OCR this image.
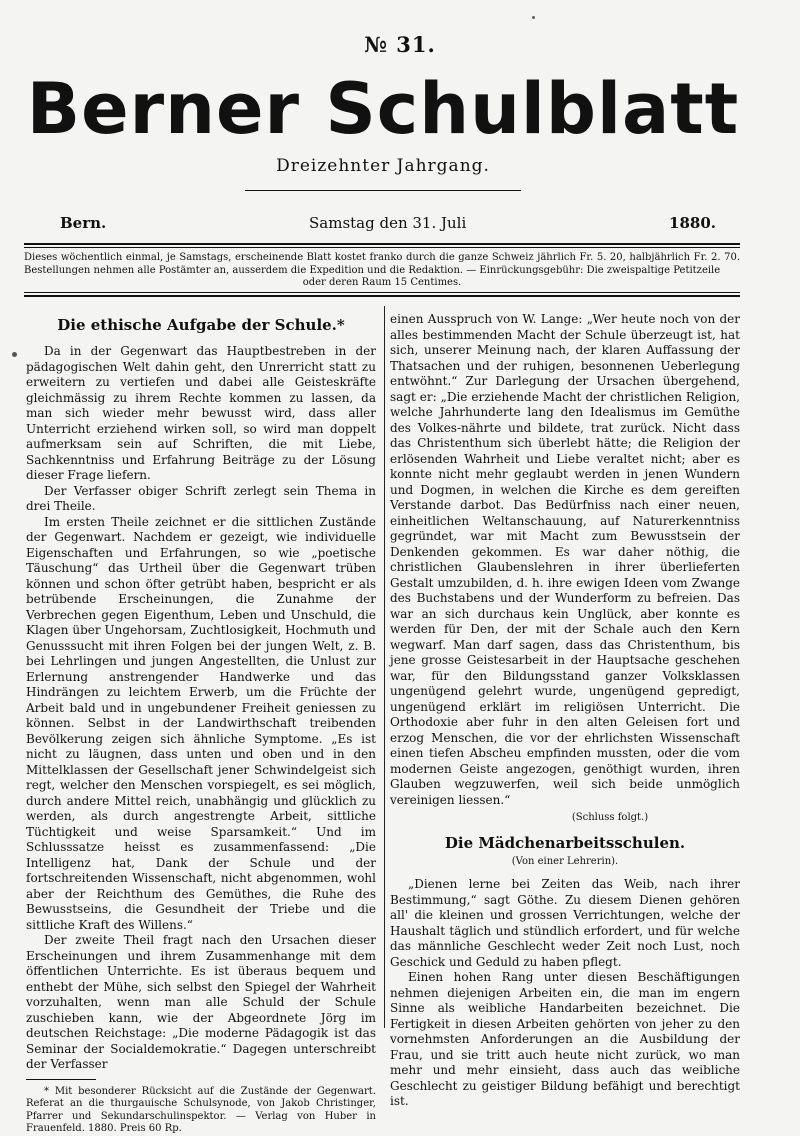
№ 31.
Berner Schulblatt
Dreizehnter Jahrgang.
Bern.	Samstag den 31. Juli	1880.
Dieses wöchentlich einmal, je Samstags, erscheinende Blatt kostet franko durch die ganze Schweiz jährlich Fr. 5. 20, halbjährlich Fr. 2. 70. Bestellungen nehmen alle Postämter an, ausserdem die Expedition und die Redaktion. — Einrückungsgebühr: Die zweispaltige Petitzeile
oder deren Raum 15 Centimes.
Die ethische Aufgabe der Schule.*

Da in der Gegenwart das Hauptbestreben in der pädagogischen Welt dahin geht, den Unrerricht statt zu erweitern zu vertiefen und dabei alle Geisteskräfte gleichmässig zu ihrem Rechte kommen zu lassen, da man sich wieder mehr bewusst wird, dass aller Unterricht erziehend wirken soll, so wird man doppelt aufmerksam sein auf Schriften, die mit Liebe, Sachkenntniss und Erfahrung Beiträge zu der Lösung dieser Frage liefern.

Der Verfasser obiger Schrift zerlegt sein Thema in drei Theile.

Im ersten Theile zeichnet er die sittlichen Zustände der Gegenwart. Nachdem er gezeigt, wie individuelle Eigenschaften und Erfahrungen, so wie „poetische Täuschung“ das Urtheil über die Gegenwart trüben können und schon öfter getrübt haben, bespricht er als betrübende Erscheinungen, die Zunahme der Verbrechen gegen Eigenthum, Leben und Unschuld, die Klagen über Ungehorsam, Zuchtlosigkeit, Hochmuth und Genusssucht mit ihren Folgen bei der jungen Welt, z. B. bei Lehrlingen und jungen Angestellten, die Unlust zur Erlernung anstrengender Handwerke und das Hindrängen zu leichtem Erwerb, um die Früchte der Arbeit bald und in ungebundener Freiheit geniessen zu können. Selbst in der Landwirthschaft treibenden Bevölkerung zeigen sich ähnliche Symptome. „Es ist nicht zu läugnen, dass unten und oben und in den Mittelklassen der Gesellschaft jener Schwindelgeist sich regt, welcher den Menschen vorspiegelt, es sei möglich, durch andere Mittel reich, unabhängig und glücklich zu werden, als durch angestrengte Arbeit, sittliche Tüchtigkeit und weise Sparsamkeit.“ Und im Schlusssatze heisst es zusammenfassend: „Die Intelligenz hat, Dank der Schule und der fortschreitenden Wissenschaft, nicht abgenommen, wohl aber der Reichthum des Gemüthes, die Ruhe des Bewusstseins, die Gesundheit der Triebe und die sittliche Kraft des Willens.“

Der zweite Theil fragt nach den Ursachen dieser Erscheinungen und ihrem Zusammenhange mit dem öffentlichen Unterrichte. Es ist überaus bequem und enthebt der Mühe, sich selbst den Spiegel der Wahrheit vorzuhalten, wenn man alle Schuld der Schule zuschieben kann, wie der Abgeordnete Jörg im deutschen Reichstage: „Die moderne Pädagogik ist das Seminar der Socialdemokratie.“ Dagegen unterschreibt der Verfasser

* Mit besonderer Rücksicht auf die Zustände der Gegenwart. Referat an die thurgauische Schulsynode, von Jakob Christinger, Pfarrer und Sekundarschulinspektor. — Verlag von Huber in Frauenfeld. 1880. Preis 60 Rp.

einen Ausspruch von W. Lange: „Wer heute noch von der alles bestimmenden Macht der Schule überzeugt ist, hat sich, unserer Meinung nach, der klaren Auffassung der Thatsachen und der ruhigen, besonnenen Ueberlegung entwöhnt.“ Zur Darlegung der Ursachen übergehend, sagt er: „Die erziehende Macht der christlichen Religion, welche Jahrhunderte lang den Idealismus im Gemüthe des Volkes-nährte und bildete, trat zurück. Nicht dass das Christenthum sich überlebt hätte; die Religion der erlösenden Wahrheit und Liebe veraltet nicht; aber es konnte nicht mehr geglaubt werden in jenen Wundern und Dogmen, in welchen die Kirche es dem gereiften Verstande darbot. Das Bedürfniss nach einer neuen, einheitlichen Weltanschauung, auf Naturerkenntniss gegründet, war mit Macht zum Bewusstsein der Denkenden gekommen. Es war daher nöthig, die christlichen Glaubenslehren in ihrer überlieferten Gestalt umzubilden, d. h. ihre ewigen Ideen vom Zwange des Buchstabens und der Wunderform zu befreien. Das war an sich durchaus kein Unglück, aber konnte es werden für Den, der mit der Schale auch den Kern wegwarf. Man darf sagen, dass das Christenthum, bis jene grosse Geistesarbeit in der Hauptsache geschehen war, für den Bildungsstand ganzer Volksklassen ungenügend gelehrt wurde, ungenügend gepredigt, ungenügend erklärt im religiösen Unterricht. Die Orthodoxie aber fuhr in den alten Geleisen fort und erzog Menschen, die vor der ehrlichsten Wissenschaft einen tiefen Abscheu empfinden mussten, oder die vom modernen Geiste angezogen, genöthigt wurden, ihren Glauben wegzuwerfen, weil sich beide unmöglich vereinigen liessen.“

(Schluss folgt.)
Die Mädchenarbeitsschulen.
(Von einer Lehrerin).

„Dienen lerne bei Zeiten das Weib, nach ihrer Bestimmung,“ sagt Göthe. Zu diesem Dienen gehören all' die kleinen und grossen Verrichtungen, welche der Haushalt täglich und stündlich erfordert, und für welche das männliche Geschlecht weder Zeit noch Lust, noch Geschick und Geduld zu haben pflegt.

Einen hohen Rang unter diesen Beschäftigungen nehmen diejenigen Arbeiten ein, die man im engern Sinne als weibliche Handarbeiten bezeichnet. Die Fertigkeit in diesen Arbeiten gehörten von jeher zu den vornehmsten Anforderungen an die Ausbildung der Frau, und sie tritt auch heute nicht zurück, wo man mehr und mehr einsieht, dass auch das weibliche Geschlecht zu geistiger Bildung befähigt und berechtigt ist.
